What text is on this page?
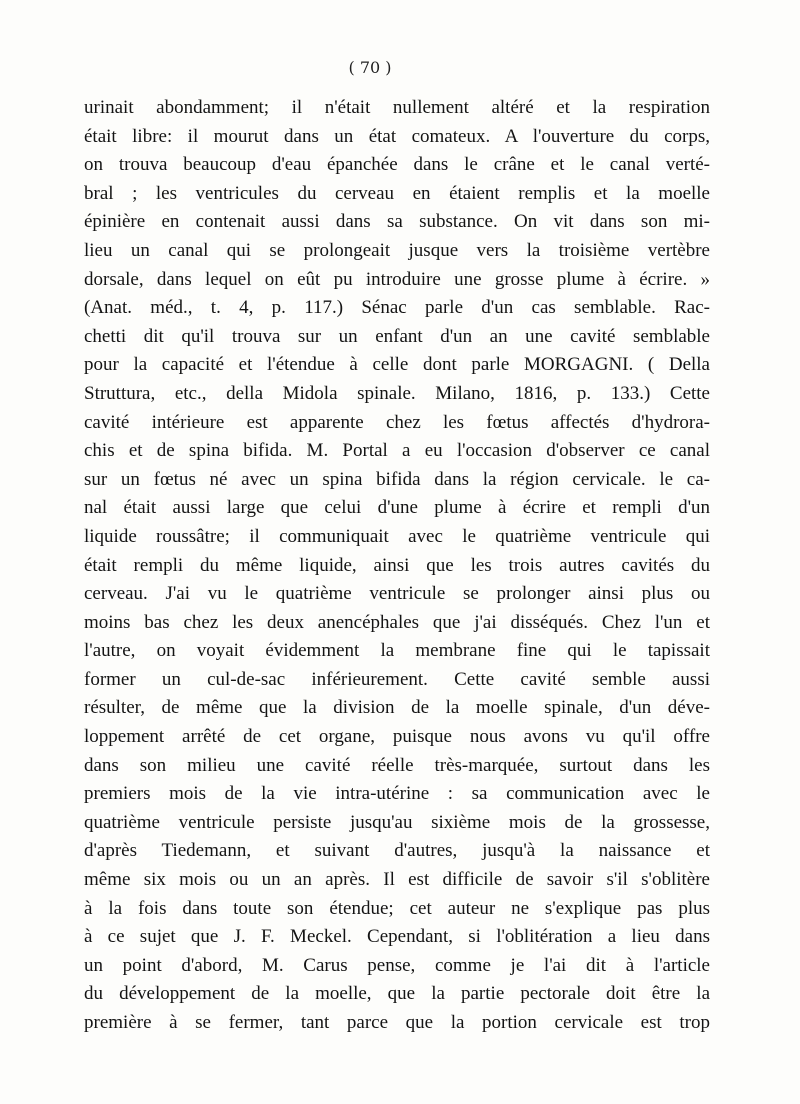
( 70 )
urinait abondamment; il n'était nullement altéré et la respiration
était libre: il mourut dans un état comateux. A l'ouverture du corps,
on trouva beaucoup d'eau épanchée dans le crâne et le canal verté-
bral ; les ventricules du cerveau en étaient remplis et la moelle
épinière en contenait aussi dans sa substance. On vit dans son mi-
lieu un canal qui se prolongeait jusque vers la troisième vertèbre
dorsale, dans lequel on eût pu introduire une grosse plume à écrire. »
(Anat. méd., t. 4, p. 117.) Sénac parle d'un cas semblable. Rac-
chetti dit qu'il trouva sur un enfant d'un an une cavité semblable
pour la capacité et l'étendue à celle dont parle MORGAGNI. ( Della
Struttura, etc., della Midola spinale. Milano, 1816, p. 133.) Cette
cavité intérieure est apparente chez les fœtus affectés d'hydrora-
chis et de spina bifida. M. Portal a eu l'occasion d'observer ce canal
sur un fœtus né avec un spina bifida dans la région cervicale. le ca-
nal était aussi large que celui d'une plume à écrire et rempli d'un
liquide roussâtre; il communiquait avec le quatrième ventricule qui
était rempli du même liquide, ainsi que les trois autres cavités du
cerveau. J'ai vu le quatrième ventricule se prolonger ainsi plus ou
moins bas chez les deux anencéphales que j'ai disséqués. Chez l'un et
l'autre, on voyait évidemment la membrane fine qui le tapissait
former un cul-de-sac inférieurement. Cette cavité semble aussi
résulter, de même que la division de la moelle spinale, d'un déve-
loppement arrêté de cet organe, puisque nous avons vu qu'il offre
dans son milieu une cavité réelle très-marquée, surtout dans les
premiers mois de la vie intra-utérine : sa communication avec le
quatrième ventricule persiste jusqu'au sixième mois de la grossesse,
d'après Tiedemann, et suivant d'autres, jusqu'à la naissance et
même six mois ou un an après. Il est difficile de savoir s'il s'oblitère
à la fois dans toute son étendue; cet auteur ne s'explique pas plus
à ce sujet que J. F. Meckel. Cependant, si l'oblitération a lieu dans
un point d'abord, M. Carus pense, comme je l'ai dit à l'article
du développement de la moelle, que la partie pectorale doit être la
première à se fermer, tant parce que la portion cervicale est trop
